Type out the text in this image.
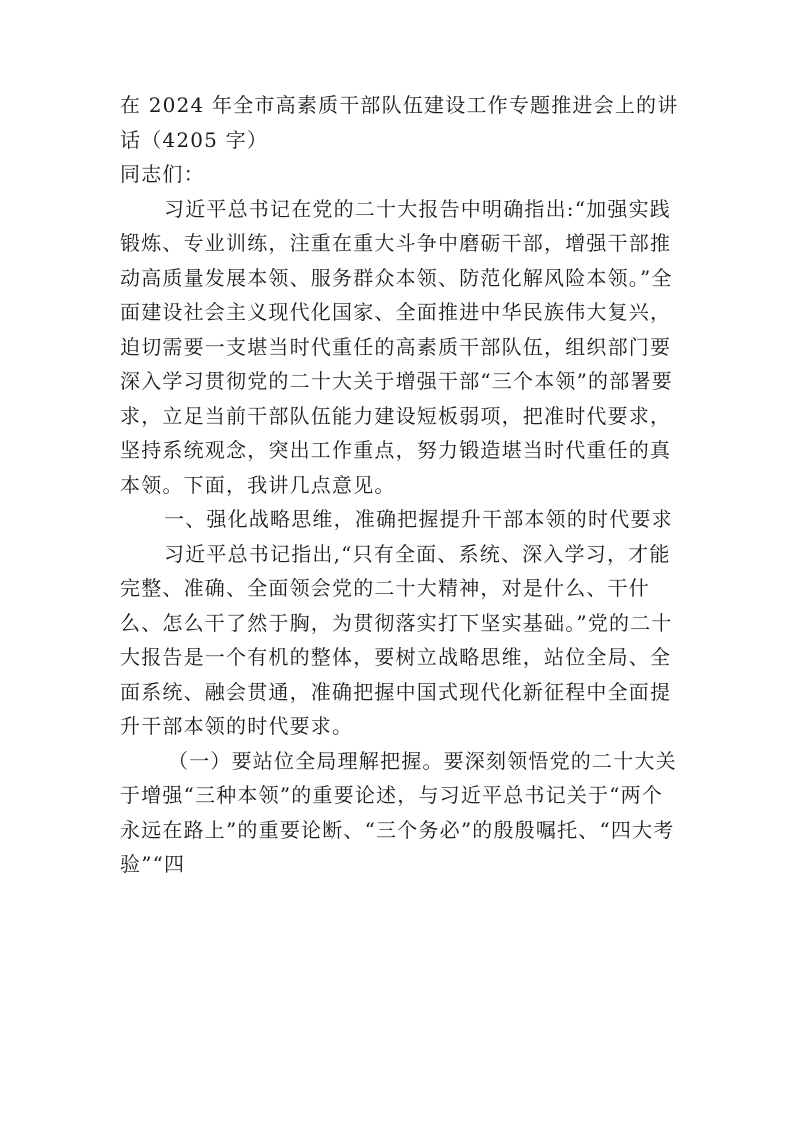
在 2024 年全市高素质干部队伍建设工作专题推进会上的讲话（4205 字）

同志们：

习近平总书记在党的二十大报告中明确指出:“加强实践锻炼、专业训练，注重在重大斗争中磨砺干部，增强干部推动高质量发展本领、服务群众本领、防范化解风险本领。”全面建设社会主义现代化国家、全面推进中华民族伟大复兴，迫切需要一支堪当时代重任的高素质干部队伍，组织部门要深入学习贯彻党的二十大关于增强干部“三个本领”的部署要求，立足当前干部队伍能力建设短板弱项，把准时代要求，坚持系统观念，突出工作重点，努力锻造堪当时代重任的真本领。下面，我讲几点意见。

一、强化战略思维，准确把握提升干部本领的时代要求

习近平总书记指出,“只有全面、系统、深入学习，才能完整、准确、全面领会党的二十大精神，对是什么、干什么、怎么干了然于胸，为贯彻落实打下坚实基础。”党的二十大报告是一个有机的整体，要树立战略思维，站位全局、全面系统、融会贯通，准确把握中国式现代化新征程中全面提升干部本领的时代要求。

（一）要站位全局理解把握。要深刻领悟党的二十大关于增强“三种本领”的重要论述，与习近平总书记关于“两个永远在路上”的重要论断、“三个务必”的殷殷嘱托、“四大考验”“四
